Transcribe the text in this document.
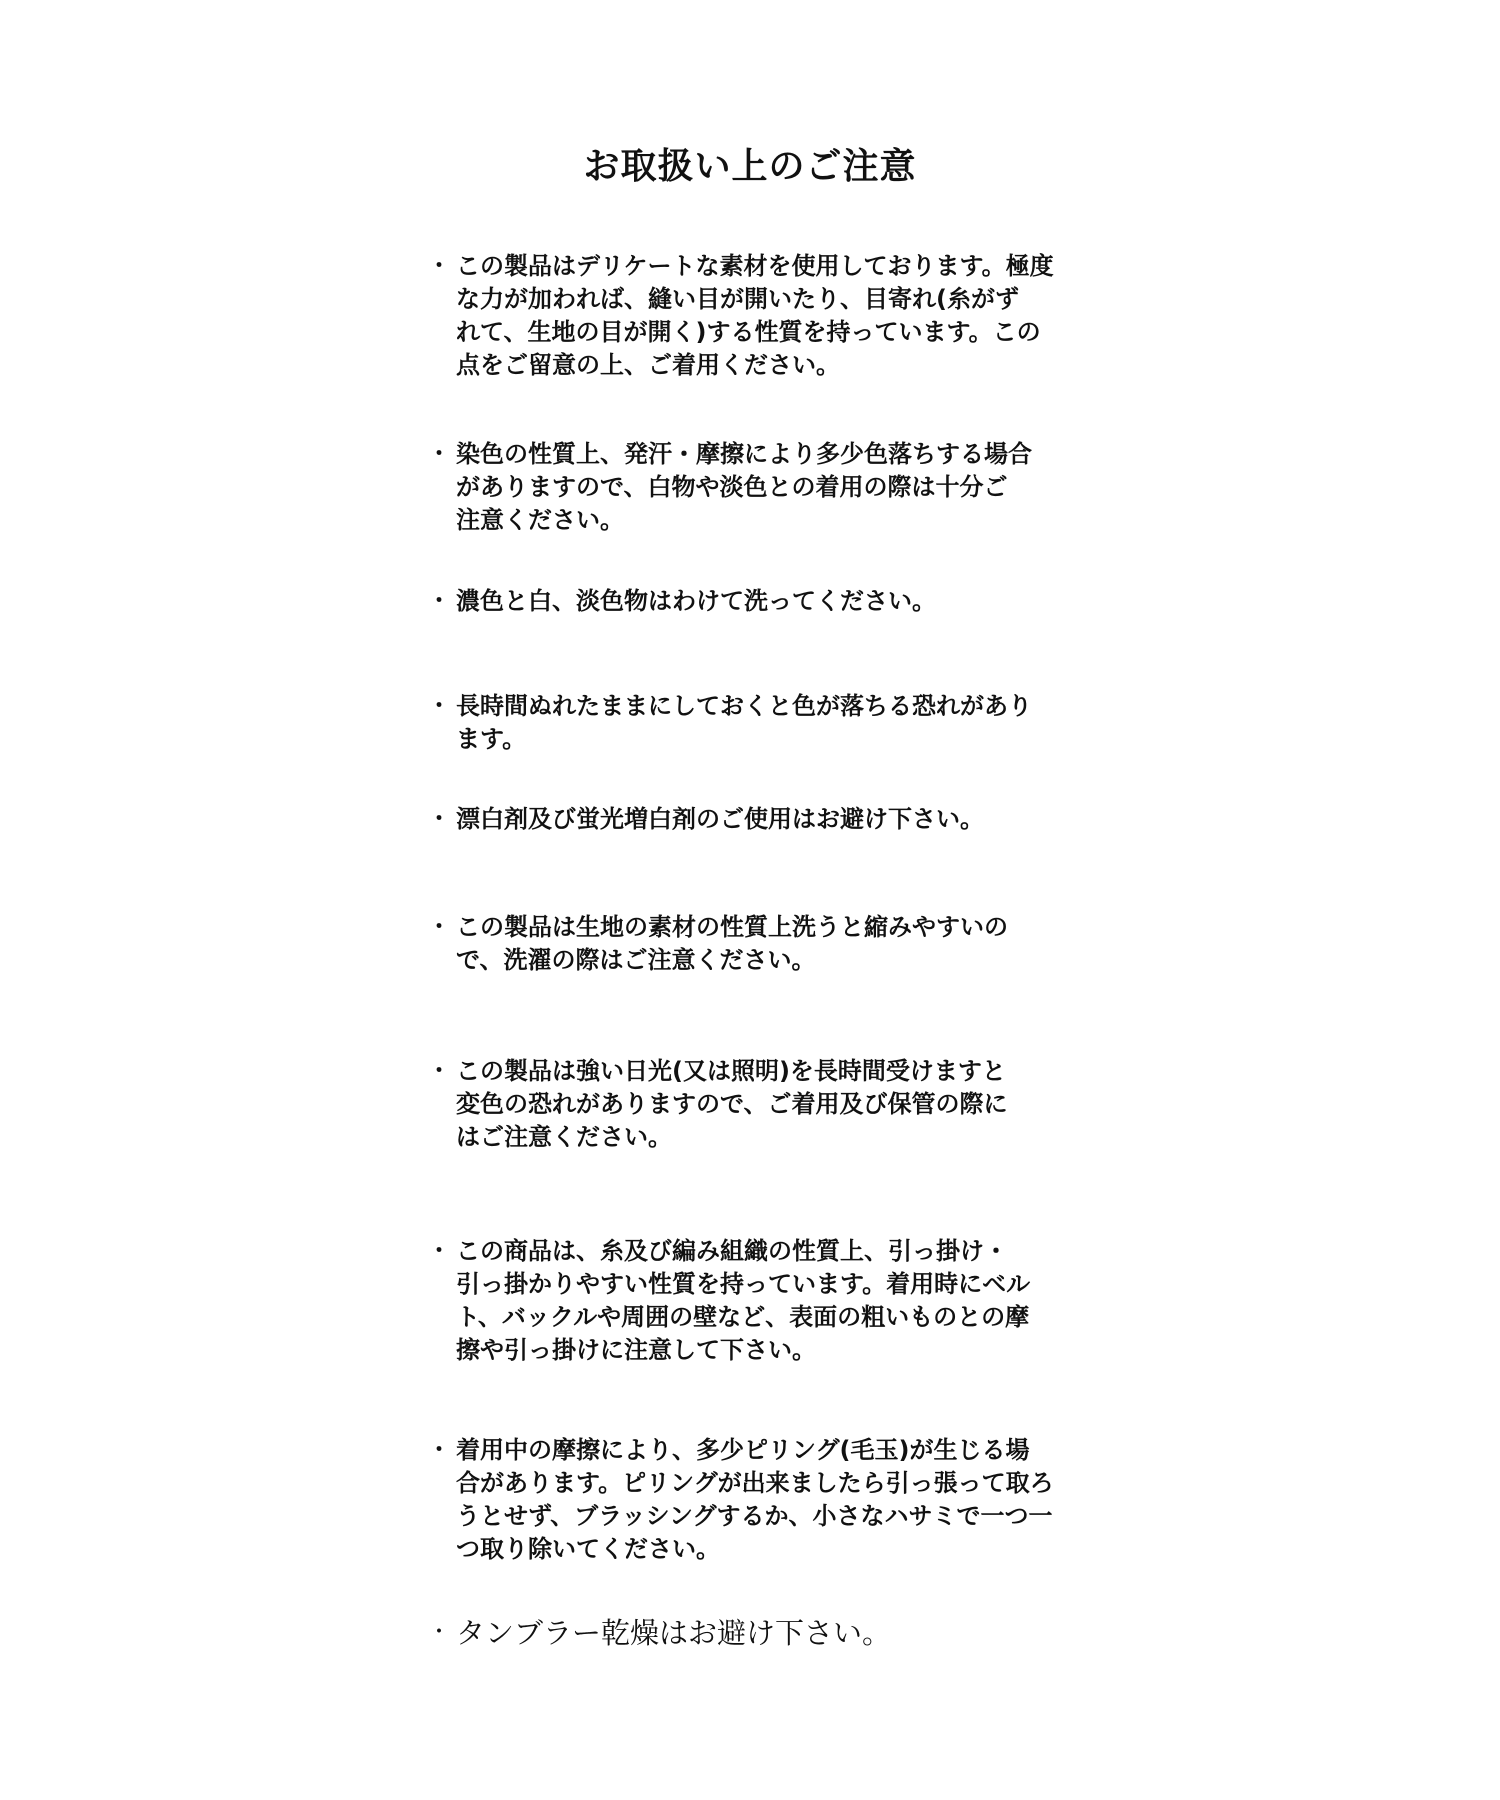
お取扱い上のご注意
・ この製品はデリケートな素材を使用しております。極度
な力が加われば、縫い目が開いたり、目寄れ(糸がず
れて、生地の目が開く)する性質を持っています。この
点をご留意の上、ご着用ください。
・ 染色の性質上、発汗・摩擦により多少色落ちする場合
がありますので、白物や淡色との着用の際は十分ご
注意ください。
・ 濃色と白、淡色物はわけて洗ってください。
・ 長時間ぬれたままにしておくと色が落ちる恐れがあり
ます。
・ 漂白剤及び蛍光増白剤のご使用はお避け下さい。
・ この製品は生地の素材の性質上洗うと縮みやすいの
で、洗濯の際はご注意ください。
・ この製品は強い日光(又は照明)を長時間受けますと
変色の恐れがありますので、ご着用及び保管の際に
はご注意ください。
・ この商品は、糸及び編み組織の性質上、引っ掛け・
引っ掛かりやすい性質を持っています。着用時にベル
ト、バックルや周囲の壁など、表面の粗いものとの摩
擦や引っ掛けに注意して下さい。
・ 着用中の摩擦により、多少ピリング(毛玉)が生じる場
合があります。ピリングが出来ましたら引っ張って取ろ
うとせず、ブラッシングするか、小さなハサミで一つ一
つ取り除いてください。
・ タンブラー乾燥はお避け下さい。
